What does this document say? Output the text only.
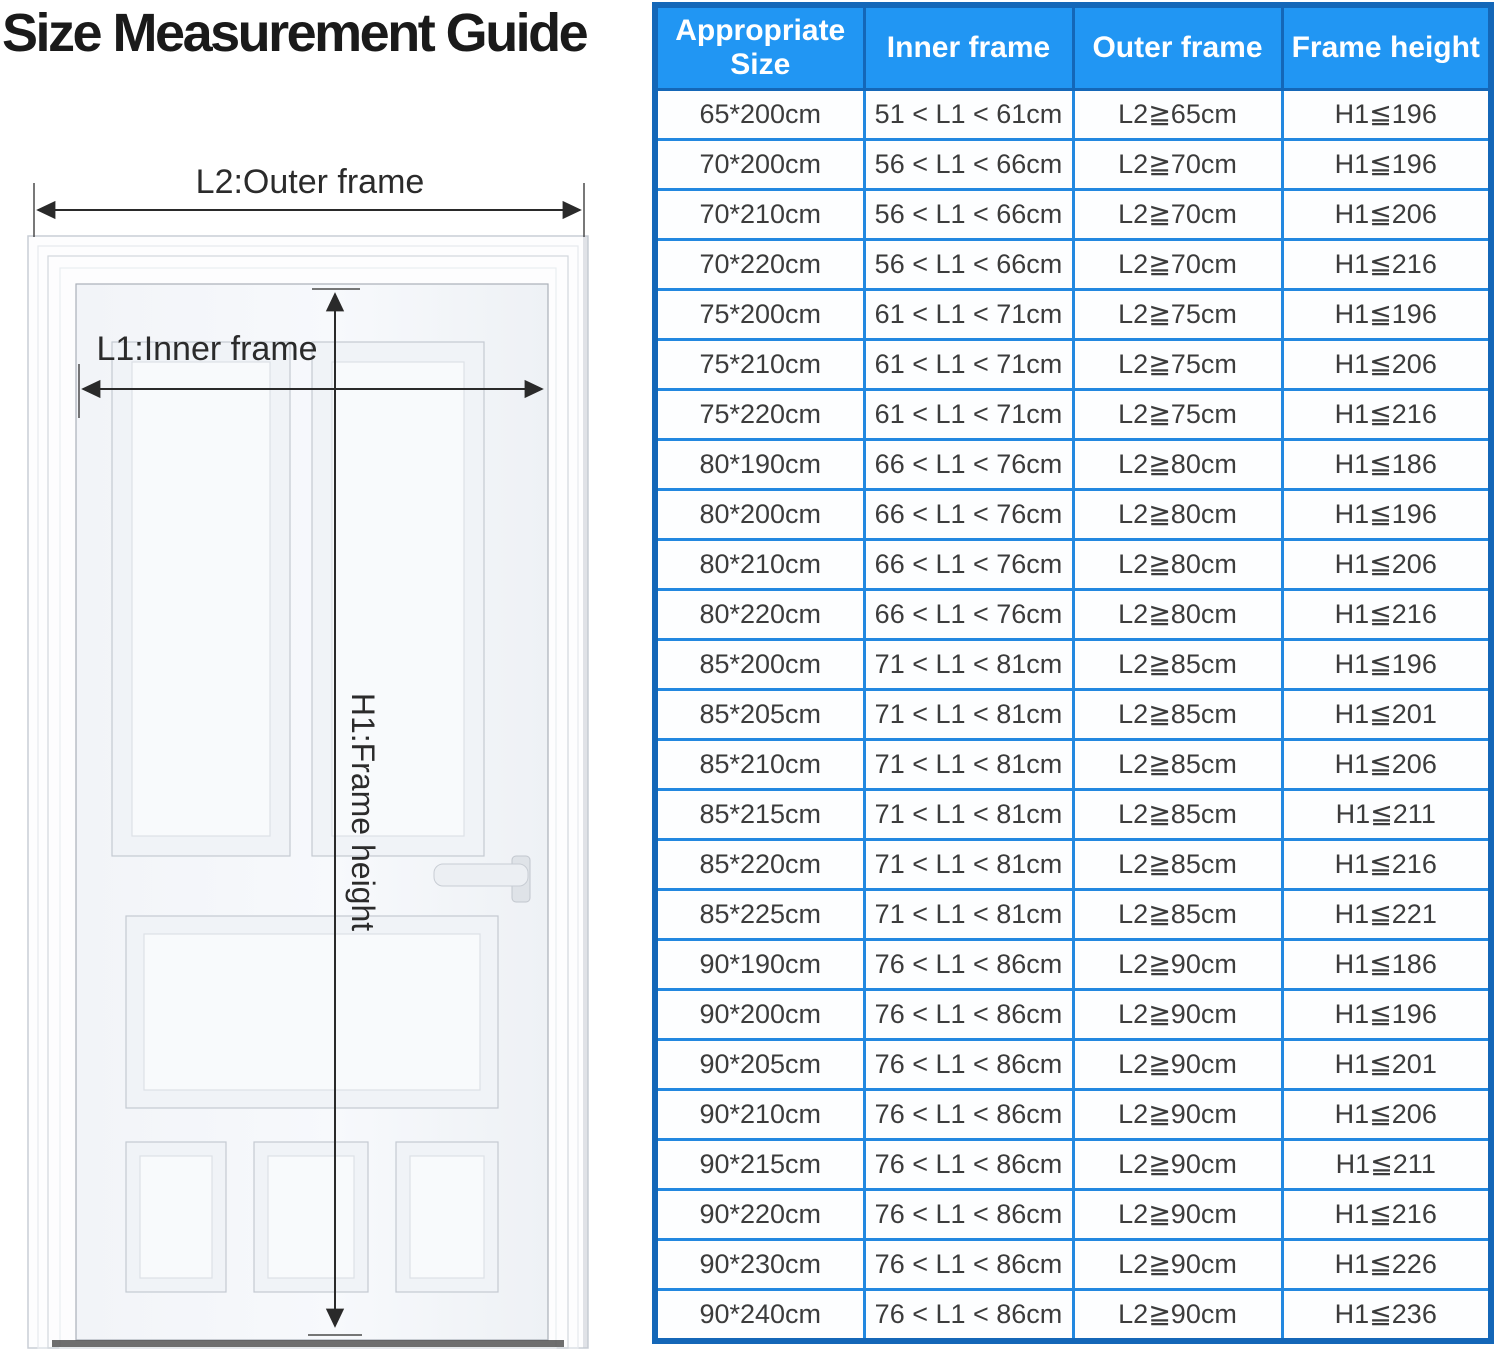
Size Measurement Guide
L2:Outer frame
L1:Inner frame
H1:Frame height
Appropriate Size	Inner frame	Outer frame	Frame height
65*200cm	51 < L1 < 61cm	L2≧65cm	H1≦196
70*200cm	56 < L1 < 66cm	L2≧70cm	H1≦196
70*210cm	56 < L1 < 66cm	L2≧70cm	H1≦206
70*220cm	56 < L1 < 66cm	L2≧70cm	H1≦216
75*200cm	61 < L1 < 71cm	L2≧75cm	H1≦196
75*210cm	61 < L1 < 71cm	L2≧75cm	H1≦206
75*220cm	61 < L1 < 71cm	L2≧75cm	H1≦216
80*190cm	66 < L1 < 76cm	L2≧80cm	H1≦186
80*200cm	66 < L1 < 76cm	L2≧80cm	H1≦196
80*210cm	66 < L1 < 76cm	L2≧80cm	H1≦206
80*220cm	66 < L1 < 76cm	L2≧80cm	H1≦216
85*200cm	71 < L1 < 81cm	L2≧85cm	H1≦196
85*205cm	71 < L1 < 81cm	L2≧85cm	H1≦201
85*210cm	71 < L1 < 81cm	L2≧85cm	H1≦206
85*215cm	71 < L1 < 81cm	L2≧85cm	H1≦211
85*220cm	71 < L1 < 81cm	L2≧85cm	H1≦216
85*225cm	71 < L1 < 81cm	L2≧85cm	H1≦221
90*190cm	76 < L1 < 86cm	L2≧90cm	H1≦186
90*200cm	76 < L1 < 86cm	L2≧90cm	H1≦196
90*205cm	76 < L1 < 86cm	L2≧90cm	H1≦201
90*210cm	76 < L1 < 86cm	L2≧90cm	H1≦206
90*215cm	76 < L1 < 86cm	L2≧90cm	H1≦211
90*220cm	76 < L1 < 86cm	L2≧90cm	H1≦216
90*230cm	76 < L1 < 86cm	L2≧90cm	H1≦226
90*240cm	76 < L1 < 86cm	L2≧90cm	H1≦236
